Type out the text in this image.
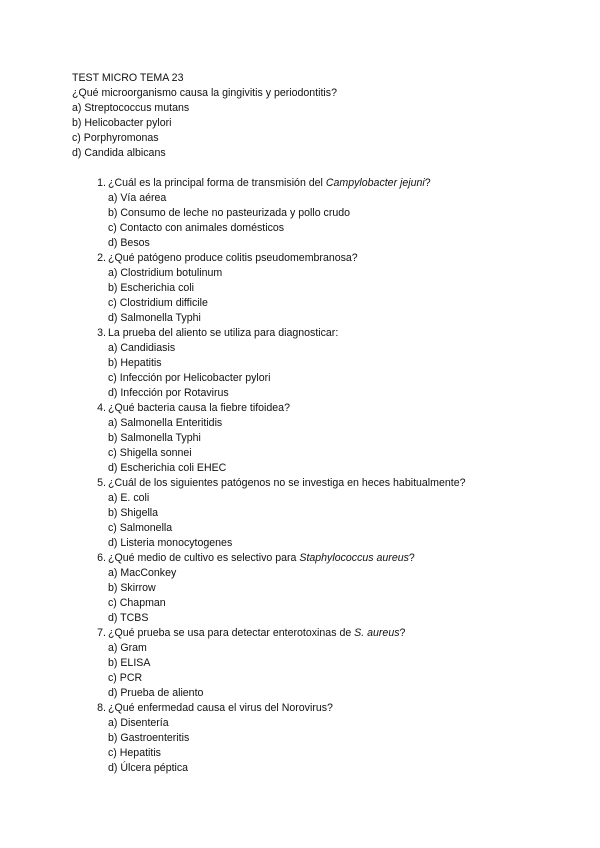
TEST MICRO TEMA 23
¿Qué microorganismo causa la gingivitis y periodontitis?
a) Streptococcus mutans
b) Helicobacter pylori
c) Porphyromonas
d) Candida albicans
1. ¿Cuál es la principal forma de transmisión del Campylobacter jejuni?
a) Vía aérea
b) Consumo de leche no pasteurizada y pollo crudo
c) Contacto con animales domésticos
d) Besos
2. ¿Qué patógeno produce colitis pseudomembranosa?
a) Clostridium botulinum
b) Escherichia coli
c) Clostridium difficile
d) Salmonella Typhi
3. La prueba del aliento se utiliza para diagnosticar:
a) Candidiasis
b) Hepatitis
c) Infección por Helicobacter pylori
d) Infección por Rotavirus
4. ¿Qué bacteria causa la fiebre tifoidea?
a) Salmonella Enteritidis
b) Salmonella Typhi
c) Shigella sonnei
d) Escherichia coli EHEC
5. ¿Cuál de los siguientes patógenos no se investiga en heces habitualmente?
a) E. coli
b) Shigella
c) Salmonella
d) Listeria monocytogenes
6. ¿Qué medio de cultivo es selectivo para Staphylococcus aureus?
a) MacConkey
b) Skirrow
c) Chapman
d) TCBS
7. ¿Qué prueba se usa para detectar enterotoxinas de S. aureus?
a) Gram
b) ELISA
c) PCR
d) Prueba de aliento
8. ¿Qué enfermedad causa el virus del Norovirus?
a) Disentería
b) Gastroenteritis
c) Hepatitis
d) Úlcera péptica
